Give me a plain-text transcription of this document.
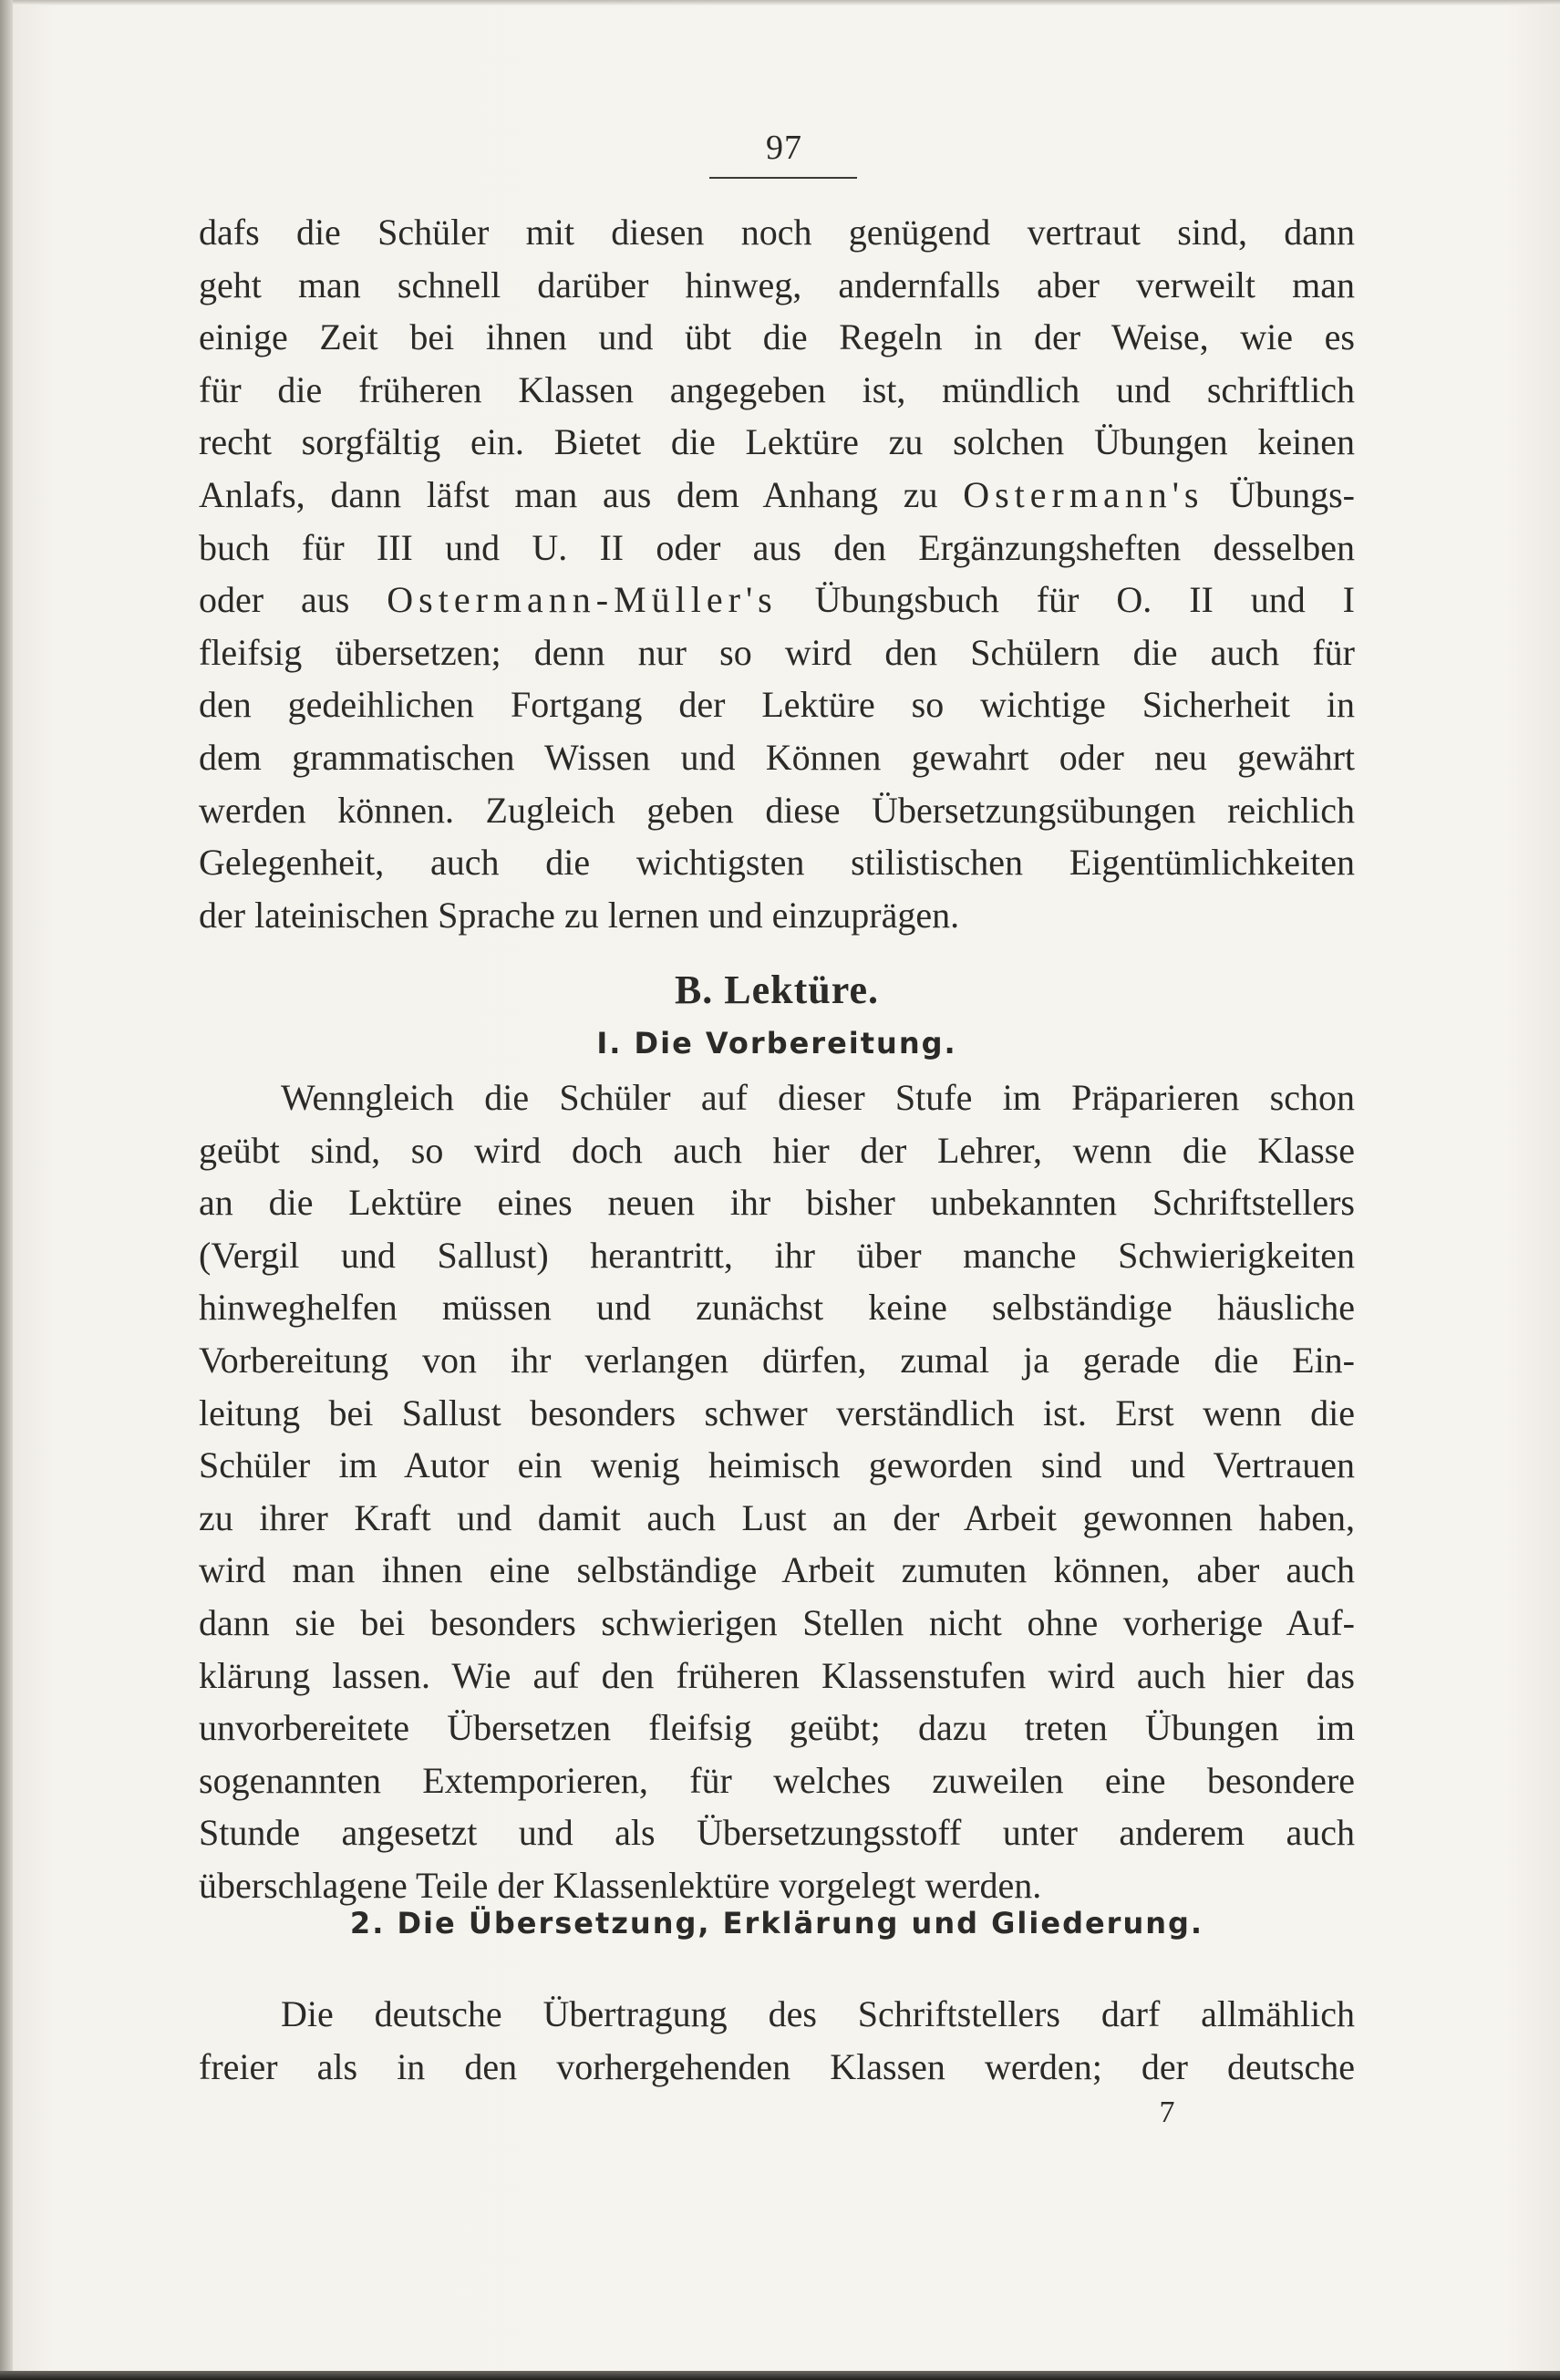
97
dafs die Schüler mit diesen noch genügend vertraut sind, dann
geht man schnell darüber hinweg, andernfalls aber verweilt man
einige Zeit bei ihnen und übt die Regeln in der Weise, wie es
für die früheren Klassen angegeben ist, mündlich und schriftlich
recht sorgfältig ein. Bietet die Lektüre zu solchen Übungen keinen
Anlafs, dann läfst man aus dem Anhang zu Ostermann's Übungs-
buch für III und U. II oder aus den Ergänzungsheften desselben
oder aus Ostermann-Müller's Übungsbuch für O. II und I
fleifsig übersetzen; denn nur so wird den Schülern die auch für
den gedeihlichen Fortgang der Lektüre so wichtige Sicherheit in
dem grammatischen Wissen und Können gewahrt oder neu gewährt
werden können. Zugleich geben diese Übersetzungsübungen reichlich
Gelegenheit, auch die wichtigsten stilistischen Eigentümlichkeiten
der lateinischen Sprache zu lernen und einzuprägen.
B. Lektüre.
I. Die Vorbereitung.
Wenngleich die Schüler auf dieser Stufe im Präparieren schon
geübt sind, so wird doch auch hier der Lehrer, wenn die Klasse
an die Lektüre eines neuen ihr bisher unbekannten Schriftstellers
(Vergil und Sallust) herantritt, ihr über manche Schwierigkeiten
hinweghelfen müssen und zunächst keine selbständige häusliche
Vorbereitung von ihr verlangen dürfen, zumal ja gerade die Ein-
leitung bei Sallust besonders schwer verständlich ist. Erst wenn die
Schüler im Autor ein wenig heimisch geworden sind und Vertrauen
zu ihrer Kraft und damit auch Lust an der Arbeit gewonnen haben,
wird man ihnen eine selbständige Arbeit zumuten können, aber auch
dann sie bei besonders schwierigen Stellen nicht ohne vorherige Auf-
klärung lassen. Wie auf den früheren Klassenstufen wird auch hier das
unvorbereitete Übersetzen fleifsig geübt; dazu treten Übungen im
sogenannten Extemporieren, für welches zuweilen eine besondere
Stunde angesetzt und als Übersetzungsstoff unter anderem auch
überschlagene Teile der Klassenlektüre vorgelegt werden.
2. Die Übersetzung, Erklärung und Gliederung.
Die deutsche Übertragung des Schriftstellers darf allmählich
freier als in den vorhergehenden Klassen werden; der deutsche
7
